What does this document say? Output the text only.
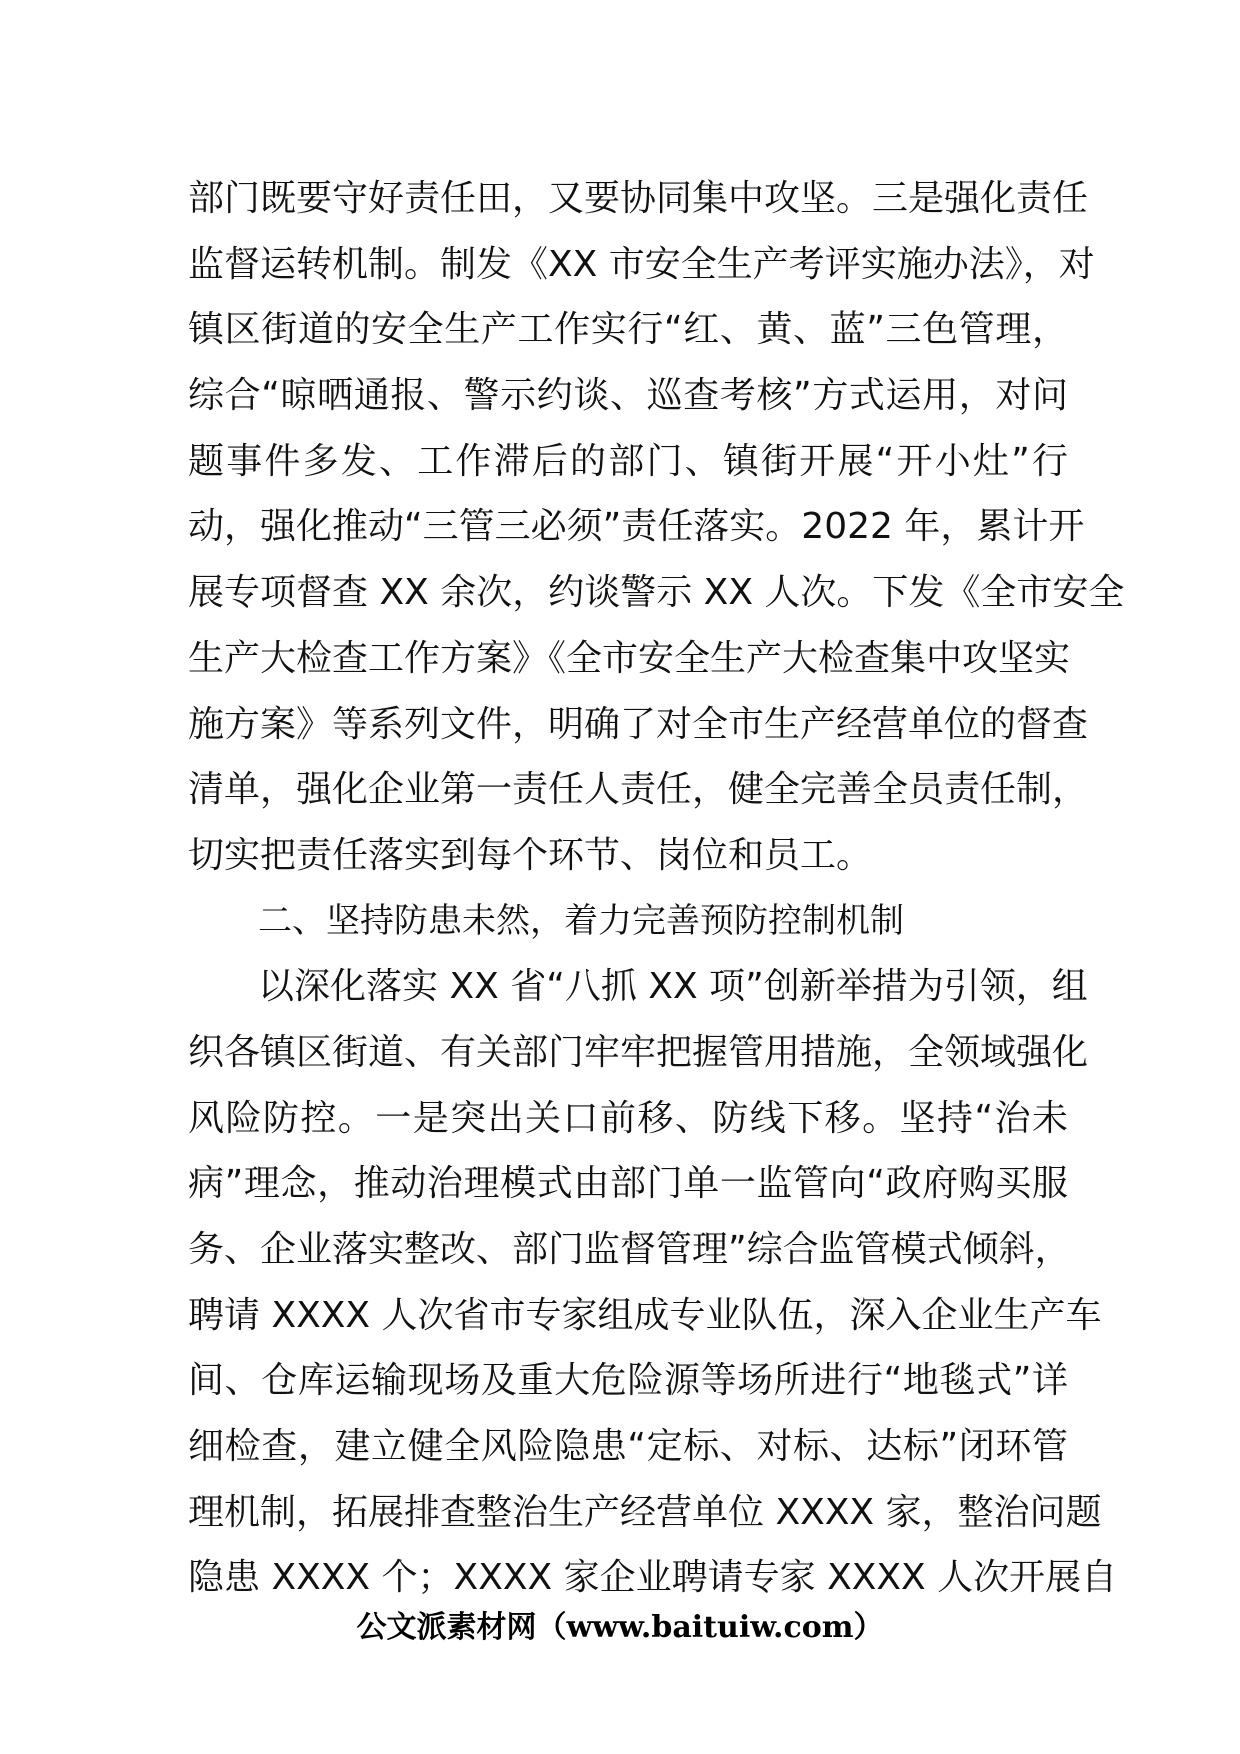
部门既要守好责任田，又要协同集中攻坚。三是强化责任
监督运转机制。制发《XX 市安全生产考评实施办法》，对
镇区街道的安全生产工作实行“红、黄、蓝”三色管理，
综合“晾晒通报、警示约谈、巡查考核”方式运用，对问
题事件多发、工作滞后的部门、镇街开展“开小灶”行
动，强化推动“三管三必须”责任落实。2022 年，累计开
展专项督查 XX 余次，约谈警示 XX 人次。下发《全市安全
生产大检查工作方案》《全市安全生产大检查集中攻坚实
施方案》等系列文件，明确了对全市生产经营单位的督查
清单，强化企业第一责任人责任，健全完善全员责任制，
切实把责任落实到每个环节、岗位和员工。
二、坚持防患未然，着力完善预防控制机制
以深化落实 XX 省“八抓 XX 项”创新举措为引领，组
织各镇区街道、有关部门牢牢把握管用措施，全领域强化
风险防控。一是突出关口前移、防线下移。坚持“治未
病”理念，推动治理模式由部门单一监管向“政府购买服
务、企业落实整改、部门监督管理”综合监管模式倾斜，
聘请 XXXX 人次省市专家组成专业队伍，深入企业生产车
间、仓库运输现场及重大危险源等场所进行“地毯式”详
细检查，建立健全风险隐患“定标、对标、达标”闭环管
理机制，拓展排查整治生产经营单位 XXXX 家，整治问题
隐患 XXXX 个；XXXX 家企业聘请专家 XXXX 人次开展自
公文派素材网（www.baituiw.com）
